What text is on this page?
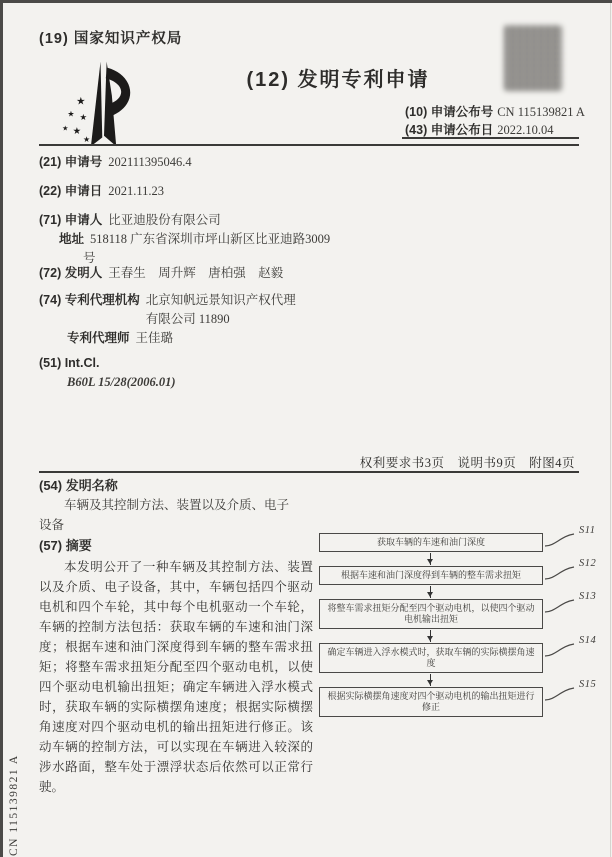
(19) 国家知识产权局
★
★ ★
★ ★
★
(12) 发明专利申请
(10) 申请公布号 CN 115139821 A
(43) 申请公布日 2022.10.04
(21) 申请号 202111395046.4
(22) 申请日 2021.11.23
(71) 申请人 比亚迪股份有限公司
地址 518118 广东省深圳市坪山新区比亚迪路3009号
(72) 发明人 王春生　周升辉　唐柏强　赵毅
(74) 专利代理机构 北京知帆远景知识产权代理有限公司 11890
专利代理师 王佳璐
(51) Int.Cl.
B60L 15/28(2006.01)
权利要求书3页　说明书9页　附图4页
(54) 发明名称
车辆及其控制方法、装置以及介质、电子设备
(57) 摘要
本发明公开了一种车辆及其控制方法、装置以及介质、电子设备，其中，车辆包括四个驱动电机和四个车轮，其中每个电机驱动一个车轮，车辆的控制方法包括：获取车辆的车速和油门深度；根据车速和油门深度得到车辆的整车需求扭矩；将整车需求扭矩分配至四个驱动电机，以使四个驱动电机输出扭矩；确定车辆进入浮水模式时，获取车辆的实际横摆角速度；根据实际横摆角速度对四个驱动电机的输出扭矩进行修正。该动车辆的控制方法，可以实现在车辆进入较深的涉水路面，整车处于漂浮状态后依然可以正常行驶。
获取车辆的车速和油门深度
S11
根据车速和油门深度得到车辆的整车需求扭矩
S12
将整车需求扭矩分配至四个驱动电机，以使四个驱动电机输出扭矩
S13
确定车辆进入浮水模式时，获取车辆的实际横摆角速度
S14
根据实际横摆角速度对四个驱动电机的输出扭矩进行修正
S15
CN 115139821 A
